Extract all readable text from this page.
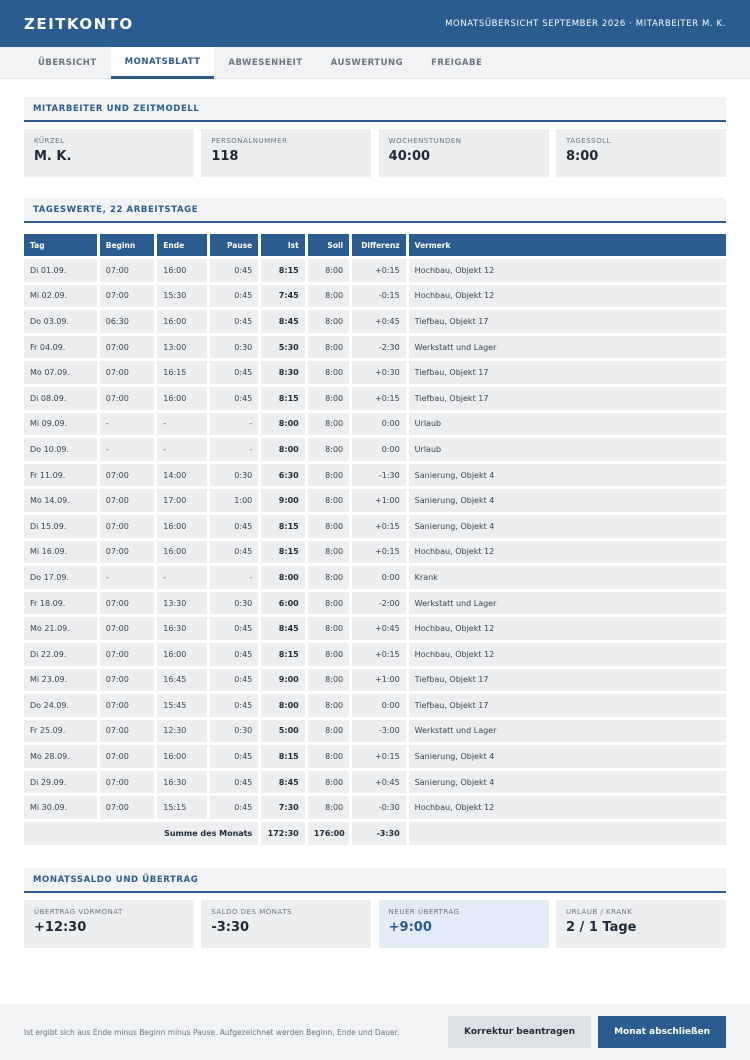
ZEITKONTO	MONATSÜBERSICHT SEPTEMBER 2026 · MITARBEITER M. K.
ÜBERSICHT	MONATSBLATT	ABWESENHEIT	AUSWERTUNG	FREIGABE
MITARBEITER UND ZEITMODELL
KÜRZEL
M. K.
PERSONALNUMMER
118
WOCHENSTUNDEN
40:00
TAGESSOLL
8:00
TAGESWERTE, 22 ARBEITSTAGE
Tag	Beginn	Ende	Pause	Ist	Soll	Differenz	Vermerk
Di 01.09.	07:00	16:00	0:45	8:15	8:00	+0:15	Hochbau, Objekt 12
Mi 02.09.	07:00	15:30	0:45	7:45	8:00	-0:15	Hochbau, Objekt 12
Do 03.09.	06:30	16:00	0:45	8:45	8:00	+0:45	Tiefbau, Objekt 17
Fr 04.09.	07:00	13:00	0:30	5:30	8:00	-2:30	Werkstatt und Lager
Mo 07.09.	07:00	16:15	0:45	8:30	8:00	+0:30	Tiefbau, Objekt 17
Di 08.09.	07:00	16:00	0:45	8:15	8:00	+0:15	Tiefbau, Objekt 17
Mi 09.09.	-	-	-	8:00	8:00	0:00	Urlaub
Do 10.09.	-	-	-	8:00	8:00	0:00	Urlaub
Fr 11.09.	07:00	14:00	0:30	6:30	8:00	-1:30	Sanierung, Objekt 4
Mo 14.09.	07:00	17:00	1:00	9:00	8:00	+1:00	Sanierung, Objekt 4
Di 15.09.	07:00	16:00	0:45	8:15	8:00	+0:15	Sanierung, Objekt 4
Mi 16.09.	07:00	16:00	0:45	8:15	8:00	+0:15	Hochbau, Objekt 12
Do 17.09.	-	-	-	8:00	8:00	0:00	Krank
Fr 18.09.	07:00	13:30	0:30	6:00	8:00	-2:00	Werkstatt und Lager
Mo 21.09.	07:00	16:30	0:45	8:45	8:00	+0:45	Hochbau, Objekt 12
Di 22.09.	07:00	16:00	0:45	8:15	8:00	+0:15	Hochbau, Objekt 12
Mi 23.09.	07:00	16:45	0:45	9:00	8:00	+1:00	Tiefbau, Objekt 17
Do 24.09.	07:00	15:45	0:45	8:00	8:00	0:00	Tiefbau, Objekt 17
Fr 25.09.	07:00	12:30	0:30	5:00	8:00	-3:00	Werkstatt und Lager
Mo 28.09.	07:00	16:00	0:45	8:15	8:00	+0:15	Sanierung, Objekt 4
Di 29.09.	07:00	16:30	0:45	8:45	8:00	+0:45	Sanierung, Objekt 4
Mi 30.09.	07:00	15:15	0:45	7:30	8:00	-0:30	Hochbau, Objekt 12
Summe des Monats				172:30	176:00	-3:30	
MONATSSALDO UND ÜBERTRAG
ÜBERTRAG VORMONAT
+12:30
SALDO DES MONATS
-3:30
NEUER ÜBERTRAG
+9:00
URLAUB / KRANK
2 / 1 Tage
Ist ergibt sich aus Ende minus Beginn minus Pause. Aufgezeichnet werden Beginn, Ende und Dauer.	Korrektur beantragen	Monat abschließen
